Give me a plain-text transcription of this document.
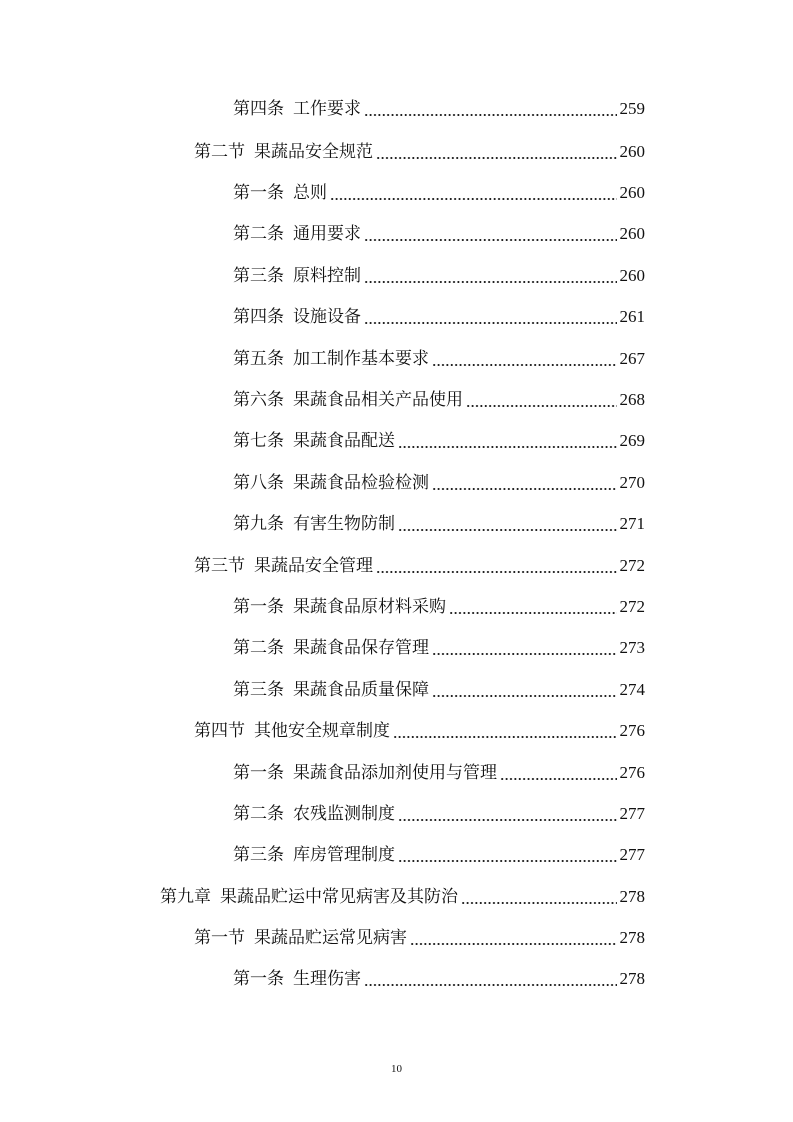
第四条 工作要求	259
第二节 果蔬品安全规范	260
第一条 总则	260
第二条 通用要求	260
第三条 原料控制	260
第四条 设施设备	261
第五条 加工制作基本要求	267
第六条 果蔬食品相关产品使用	268
第七条 果蔬食品配送	269
第八条 果蔬食品检验检测	270
第九条 有害生物防制	271
第三节 果蔬品安全管理	272
第一条 果蔬食品原材料采购	272
第二条 果蔬食品保存管理	273
第三条 果蔬食品质量保障	274
第四节 其他安全规章制度	276
第一条 果蔬食品添加剂使用与管理	276
第二条 农残监测制度	277
第三条 库房管理制度	277
第九章 果蔬品贮运中常见病害及其防治	278
第一节 果蔬品贮运常见病害	278
第一条 生理伤害	278
10
